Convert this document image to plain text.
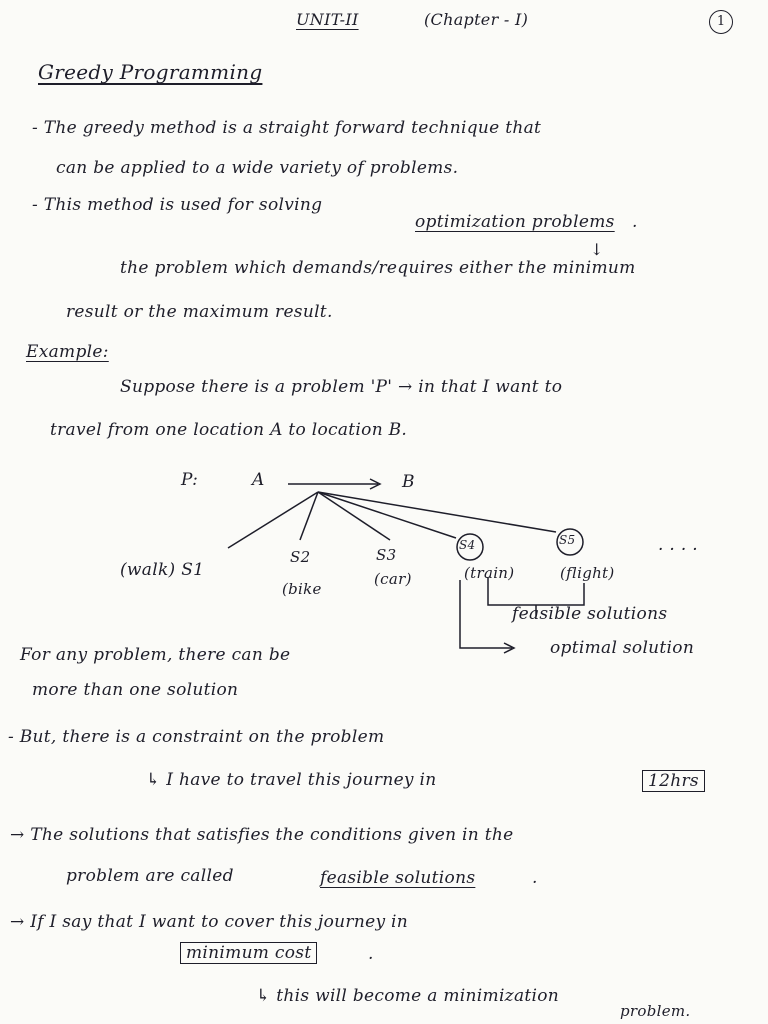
UNIT-II	(Chapter - I)	1
Greedy Programming
- The greedy method is a straight forward technique that
can be applied to a wide variety of problems.
- This method is used for solving
optimization problems .
↓
the problem which demands/requires either the minimum
result or the maximum result.
Example:
Suppose there is a problem 'P' → in that I want to
travel from one location A to location B.
P:	A	B
(walk) S1
S2
(bike
S3
(car)
S4
(train)
S5
(flight)
· · · ·
feasible solutions
optimal solution
For any problem, there can be
more than one solution
- But, there is a constraint on the problem
↳ I have to travel this journey in	12hrs
→ The solutions that satisfies the conditions given in the
problem are called	feasible solutions	.
→ If I say that I want to cover this journey in
minimum cost	.
↳ this will become a minimization
problem.
